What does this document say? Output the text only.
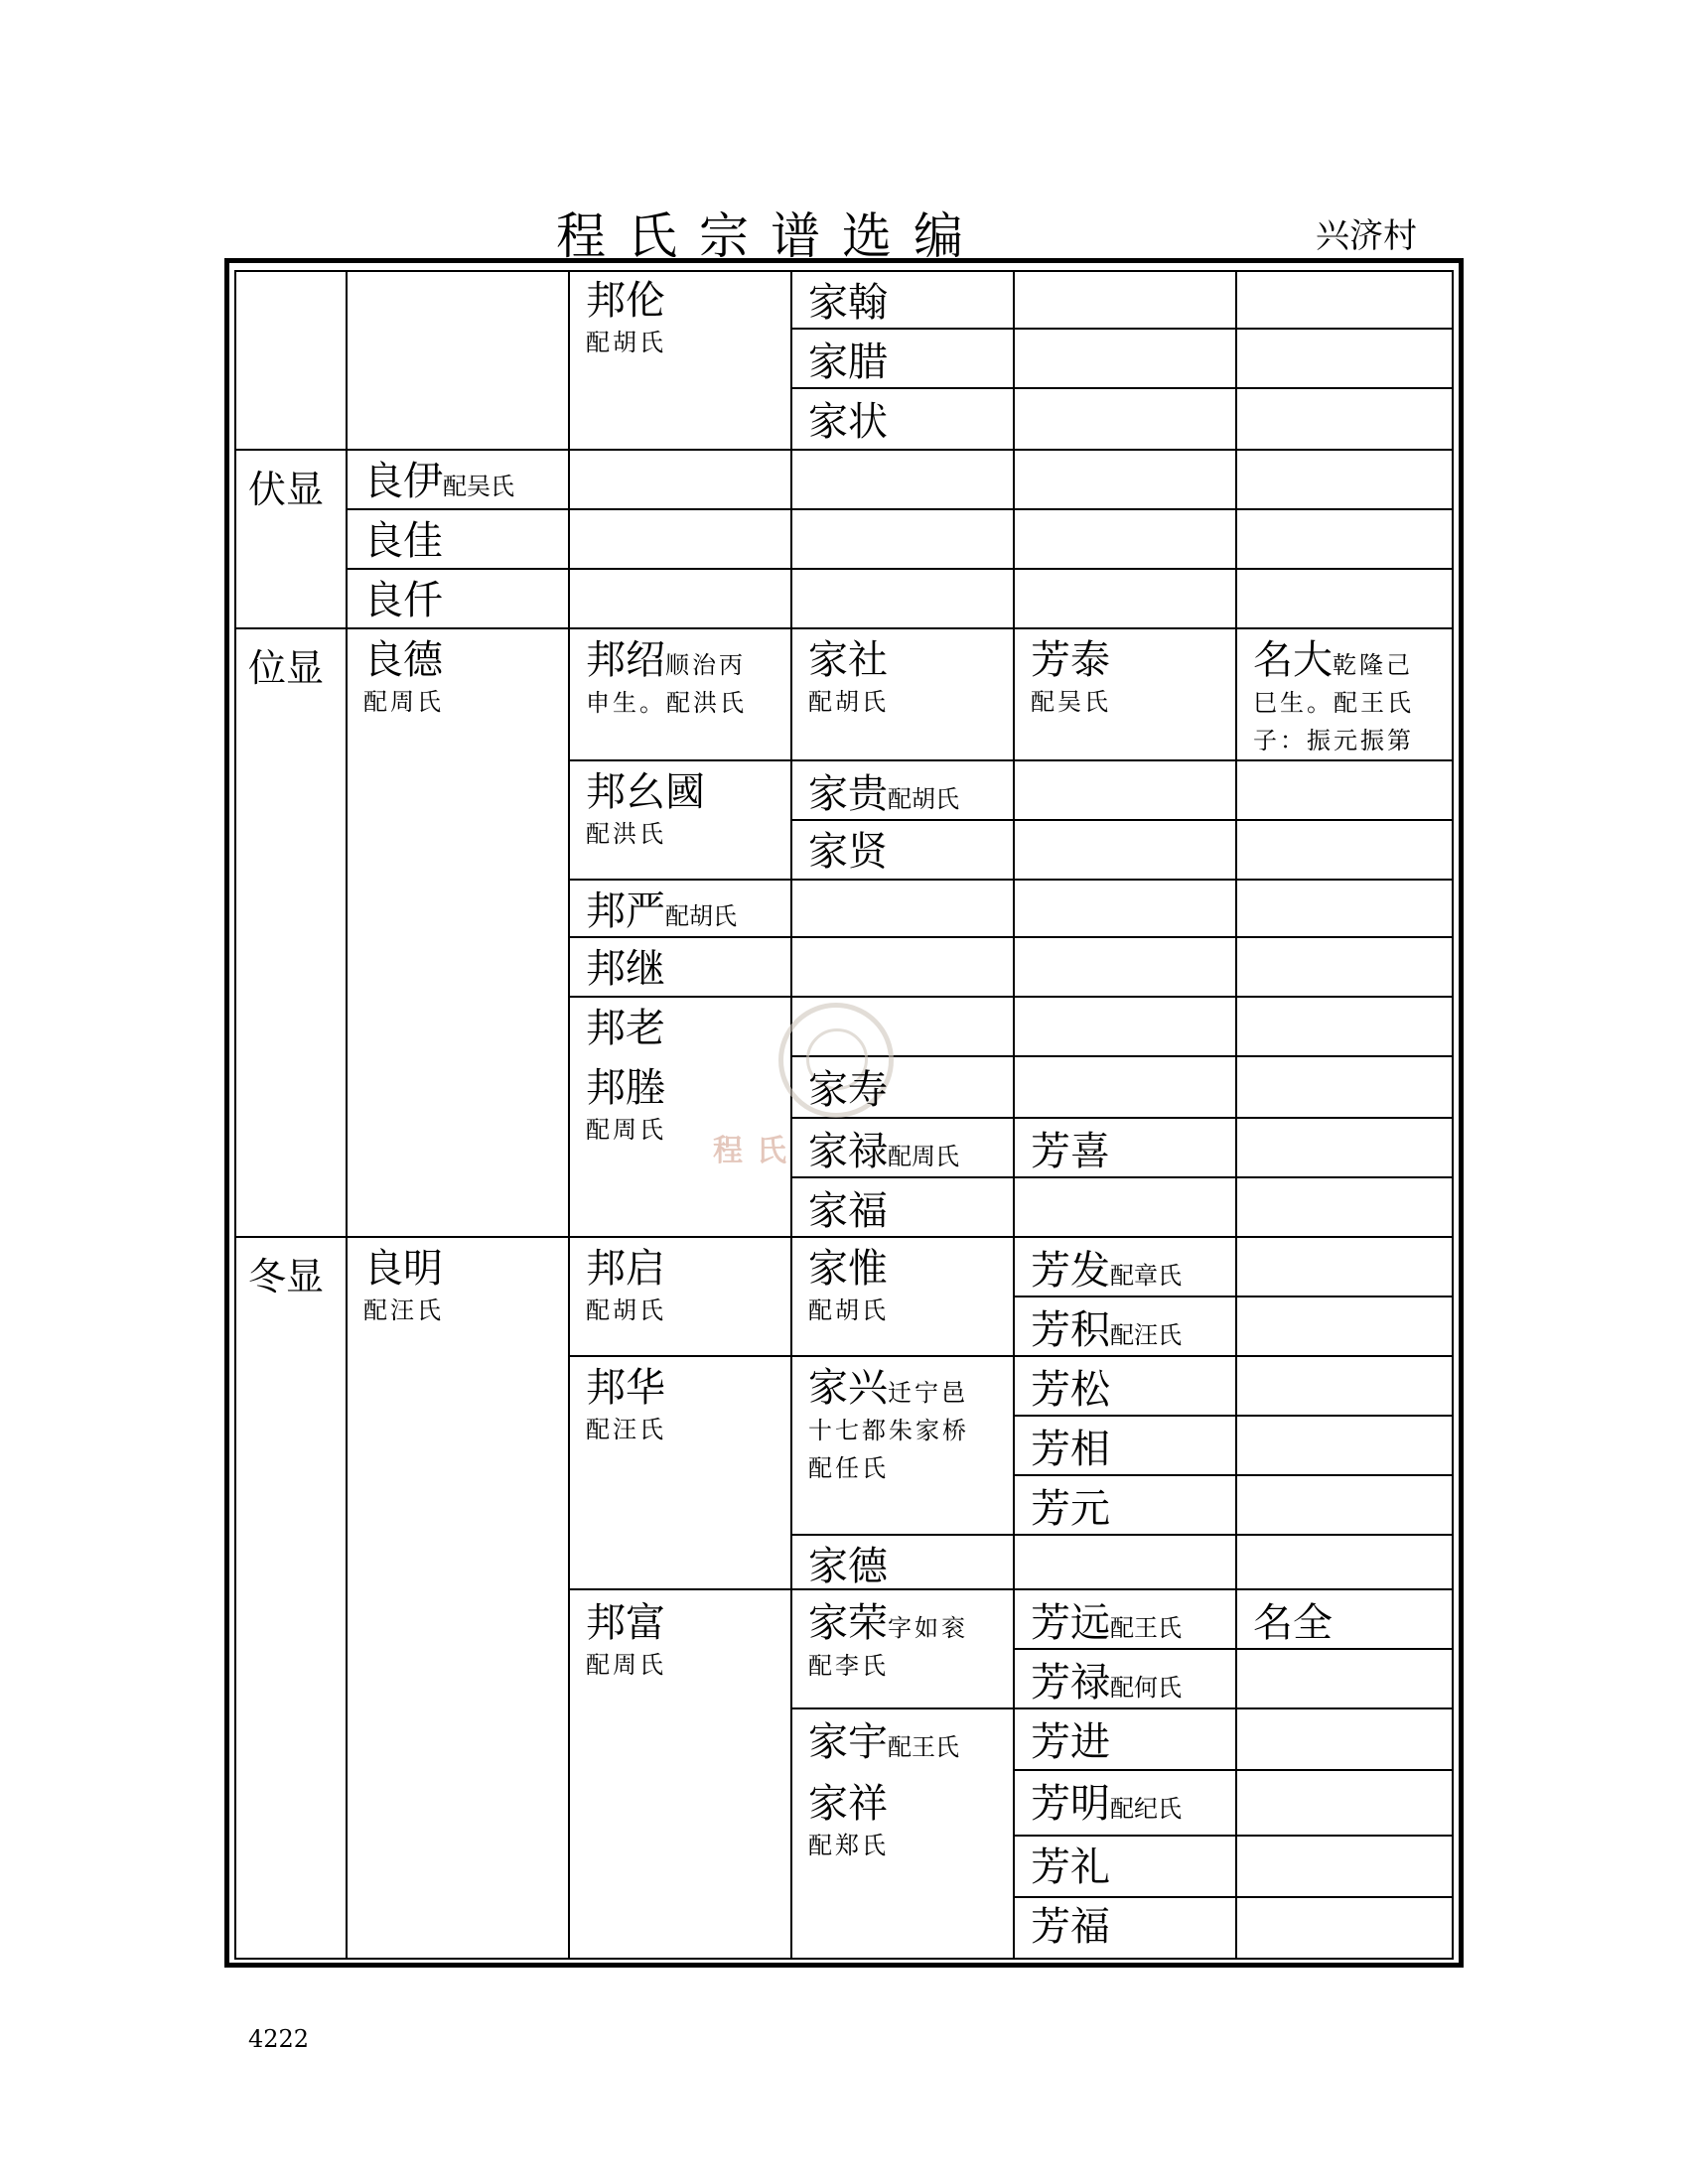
程氏宗谱选编	兴济村
程氏
邦伦
配胡氏
家翰
家腊
家状
伏显 良伊配吴氏
良佳
良仟
位显 良德
配周氏
邦绍顺治丙
申生。配洪氏
家社
配胡氏
芳泰
配吴氏
名大乾隆己
巳生。配王氏
子：振元振第
邦⺓國
配洪氏
家贵配胡氏
家贤
邦严配胡氏
邦继
邦老
邦塍
配周氏
家寿
家禄配周氏 芳喜
家福
冬显 良明
配汪氏
邦启
配胡氏
家惟
配胡氏
芳发配章氏
芳积配汪氏
邦华
配汪氏
家兴迁宁邑
十七都朱家桥
配任氏
芳松
芳相
芳元
家德
邦富
配周氏
家荣字如衮
配李氏
芳远配王氏 名全
芳禄配何氏
家宇配王氏 芳进
家祥
配郑氏
芳明配纪氏
芳礼
芳福
4222
